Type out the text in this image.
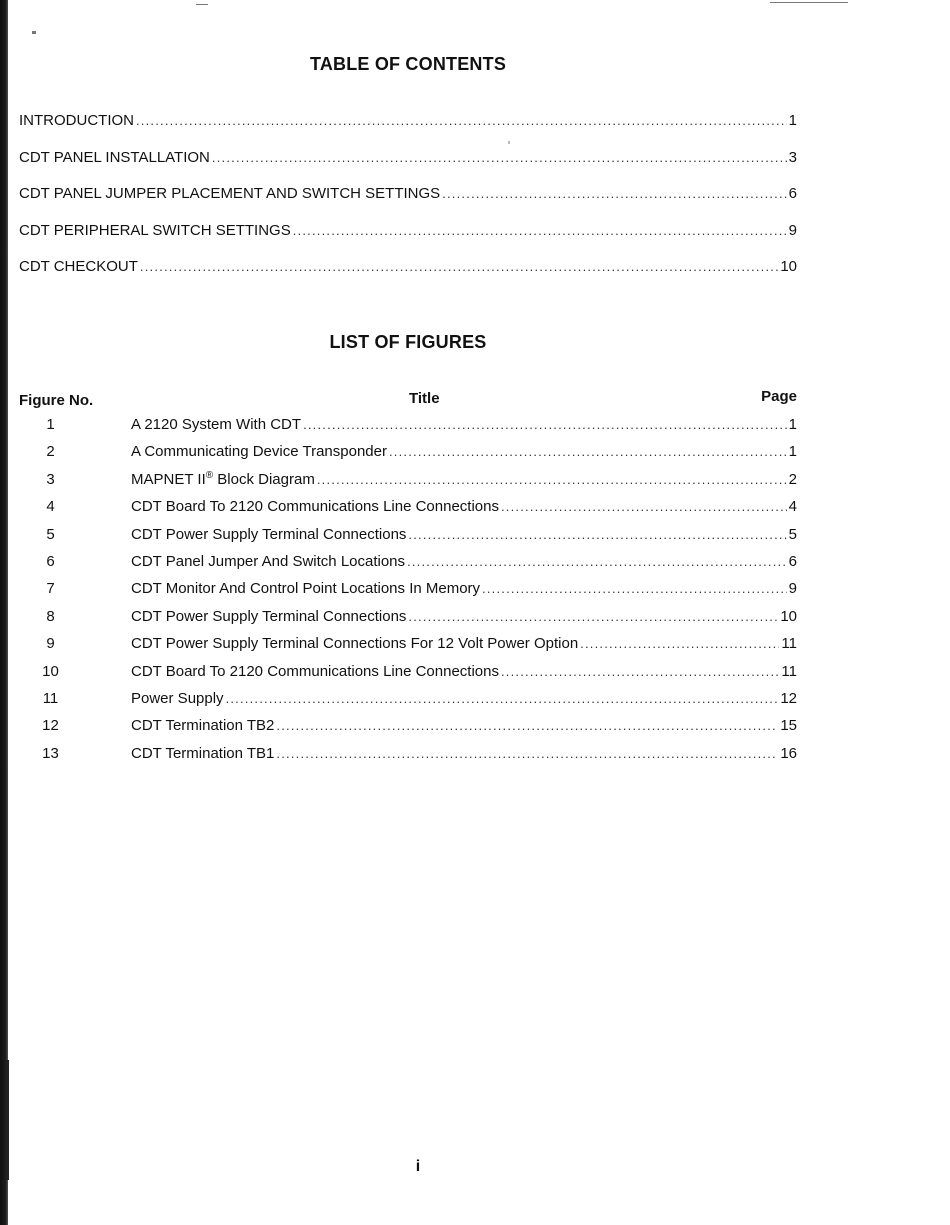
TABLE OF CONTENTS
INTRODUCTION .....	1
CDT PANEL INSTALLATION .....	3
CDT PANEL JUMPER PLACEMENT AND SWITCH SETTINGS .....	6
CDT PERIPHERAL SWITCH SETTINGS .....	9
CDT CHECKOUT .....	10
LIST OF FIGURES
Figure No.	Title	Page
1	A 2120 System With CDT .....	1
2	A Communicating Device Transponder .....	1
3	MAPNET II® Block Diagram .....	2
4	CDT Board To 2120 Communications Line Connections .....	4
5	CDT Power Supply Terminal Connections .....	5
6	CDT Panel Jumper And Switch Locations .....	6
7	CDT Monitor And Control Point Locations In Memory .....	9
8	CDT Power Supply Terminal Connections .....	10
9	CDT Power Supply Terminal Connections For 12 Volt Power Option .....	11
10	CDT Board To 2120 Communications Line Connections .....	11
11	Power Supply .....	12
12	CDT Termination TB2 .....	15
13	CDT Termination TB1 .....	16
i
